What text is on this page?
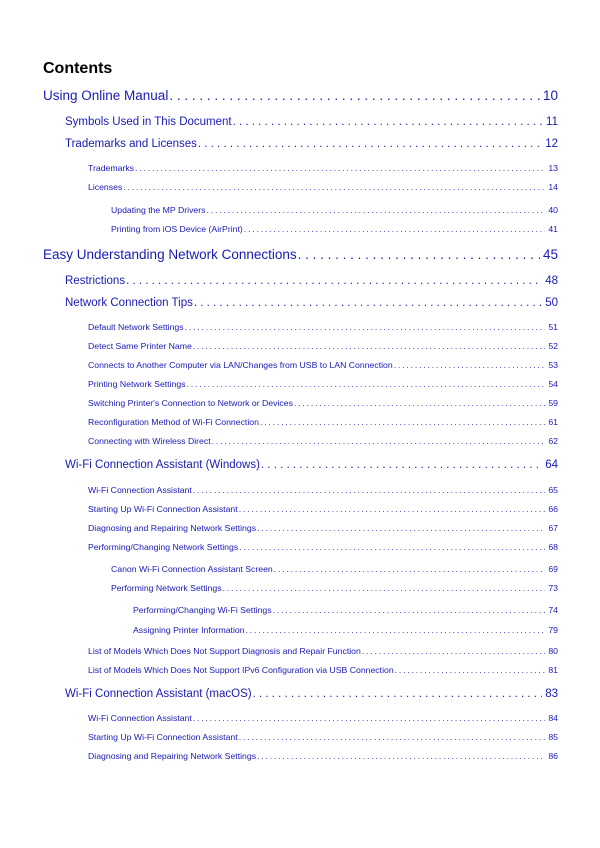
Contents
Using Online Manual . . .	10
Symbols Used in This Document . . .	11
Trademarks and Licenses . . .	12
Trademarks . . .	13
Licenses . . .	14
Updating the MP Drivers . . .	40
Printing from iOS Device (AirPrint) . . .	41
Easy Understanding Network Connections . . .	45
Restrictions . . .	48
Network Connection Tips . . .	50
Default Network Settings . . .	51
Detect Same Printer Name . . .	52
Connects to Another Computer via LAN/Changes from USB to LAN Connection . . .	53
Printing Network Settings . . .	54
Switching Printer's Connection to Network or Devices . . .	59
Reconfiguration Method of Wi-Fi Connection . . .	61
Connecting with Wireless Direct . . .	62
Wi-Fi Connection Assistant (Windows) . . .	64
Wi-Fi Connection Assistant . . .	65
Starting Up Wi-Fi Connection Assistant . . .	66
Diagnosing and Repairing Network Settings . . .	67
Performing/Changing Network Settings . . .	68
Canon Wi-Fi Connection Assistant Screen . . .	69
Performing Network Settings . . .	73
Performing/Changing Wi-Fi Settings . . .	74
Assigning Printer Information . . .	79
List of Models Which Does Not Support Diagnosis and Repair Function . . .	80
List of Models Which Does Not Support IPv6 Configuration via USB Connection . . .	81
Wi-Fi Connection Assistant (macOS) . . .	83
Wi-Fi Connection Assistant . . .	84
Starting Up Wi-Fi Connection Assistant . . .	85
Diagnosing and Repairing Network Settings . . .	86
